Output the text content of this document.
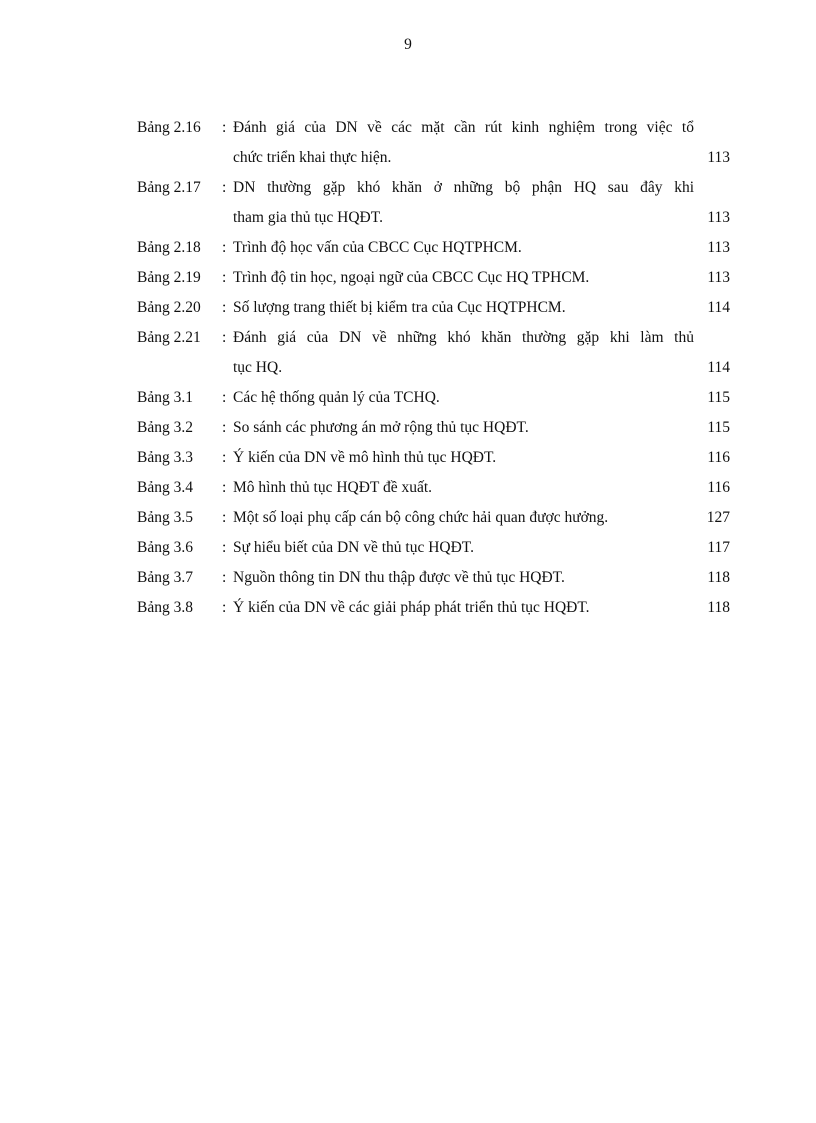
9
Bảng 2.16	: Đánh giá của DN về các mặt cần rút kinh nghiệm trong việc tổ
chức triển khai thực hiện.	113
Bảng 2.17	: DN thường gặp khó khăn ở những bộ phận HQ sau đây khi
tham gia thủ tục HQĐT.	113
Bảng 2.18	: Trình độ học vấn của CBCC Cục HQTPHCM.	113
Bảng 2.19	: Trình độ tin học, ngoại ngữ của CBCC Cục HQ TPHCM.	113
Bảng 2.20	: Số lượng trang thiết bị kiểm tra của Cục HQTPHCM.	114
Bảng 2.21	: Đánh giá của DN về những khó khăn thường gặp khi làm thủ
tục HQ.	114
Bảng 3.1	: Các hệ thống quản lý của TCHQ.	115
Bảng 3.2	: So sánh các phương án mở rộng thủ tục HQĐT.	115
Bảng 3.3	: Ý kiến của DN về mô hình thủ tục HQĐT.	116
Bảng 3.4	: Mô hình thủ tục HQĐT đề xuất.	116
Bảng 3.5	: Một số loại phụ cấp cán bộ công chức hải quan được hưởng.	127
Bảng 3.6	: Sự hiểu biết của DN về thủ tục HQĐT.	117
Bảng 3.7	: Nguồn thông tin DN thu thập được về thủ tục HQĐT.	118
Bảng 3.8	: Ý kiến của DN về các giải pháp phát triển thủ tục HQĐT.	118
